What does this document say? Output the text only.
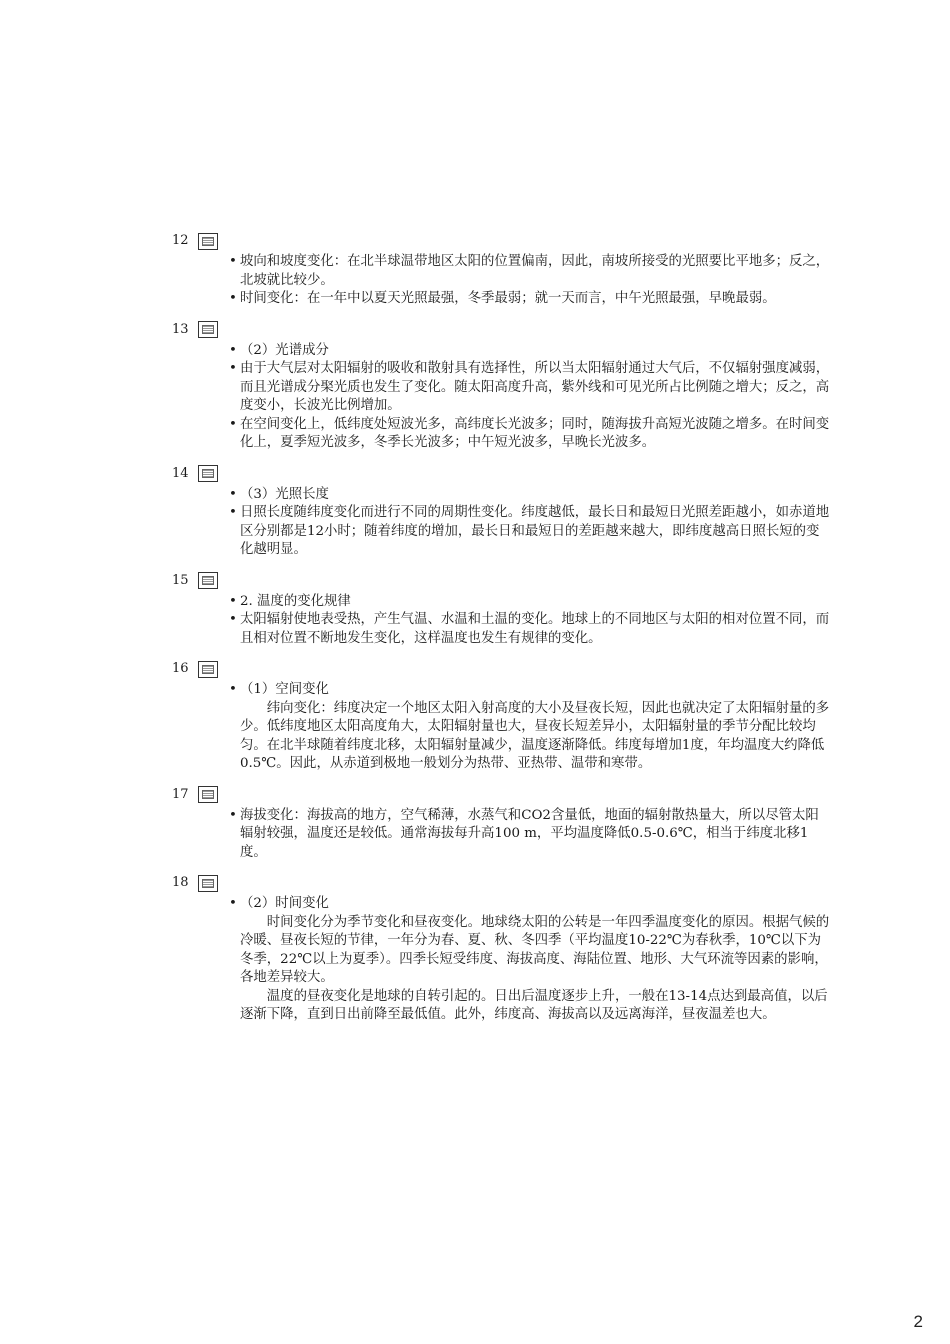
12
• 坡向和坡度变化：在北半球温带地区太阳的位置偏南，因此，南坡所接受的光照要比平地多；反之，北坡就比较少。
• 时间变化：在一年中以夏天光照最强，冬季最弱；就一天而言，中午光照最强，早晚最弱。
13
• （2）光谱成分
• 由于大气层对太阳辐射的吸收和散射具有选择性，所以当太阳辐射通过大气后，不仅辐射强度减弱，而且光谱成分棸光质也发生了变化。随太阳高度升高，紫外线和可见光所占比例随之增大；反之，高度变小，长波光比例增加。
• 在空间变化上，低纬度处短波光多，高纬度长光波多；同时，随海拔升高短光波随之增多。在时间变化上，夏季短光波多，冬季长光波多；中午短光波多，早晚长光波多。
14
• （3）光照长度
• 日照长度随纬度变化而进行不同的周期性变化。纬度越低，最长日和最短日光照差距越小，如赤道地区分别都是12小时；随着纬度的增加，最长日和最短日的差距越来越大，即纬度越高日照长短的变化越明显。
15
• 2. 温度的变化规律
• 太阳辐射使地表受热，产生气温、水温和土温的变化。地球上的不同地区与太阳的相对位置不同，而且相对位置不断地发生变化，这样温度也发生有规律的变化。
16
• （1）空间变化
纬向变化：纬度决定一个地区太阳入射高度的大小及昼夜长短，因此也就决定了太阳辐射量的多少。低纬度地区太阳高度角大，太阳辐射量也大，昼夜长短差异小，太阳辐射量的季节分配比较均匀。在北半球随着纬度北移，太阳辐射量减少，温度逐渐降低。纬度每增加1度，年均温度大约降低0.5℃。因此，从赤道到极地一般划分为热带、亚热带、温带和寒带。
17
• 海拔变化：海拔高的地方，空气稀薄，水蒸气和CO2含量低，地面的辐射散热量大，所以尽管太阳辐射较强，温度还是较低。通常海拔每升高100 m，平均温度降低0.5-0.6℃，相当于纬度北移1度。
18
• （2）时间变化
时间变化分为季节变化和昼夜变化。地球绕太阳的公转是一年四季温度变化的原因。根据气候的冷暖、昼夜长短的节律，一年分为春、夏、秋、冬四季（平均温度10-22℃为春秋季，10℃以下为冬季，22℃以上为夏季）。四季长短受纬度、海拔高度、海陆位置、地形、大气环流等因素的影响，各地差异较大。
温度的昼夜变化是地球的自转引起的。日出后温度逐步上升，一般在13-14点达到最高值，以后逐渐下降，直到日出前降至最低值。此外，纬度高、海拔高以及远离海洋，昼夜温差也大。
2
